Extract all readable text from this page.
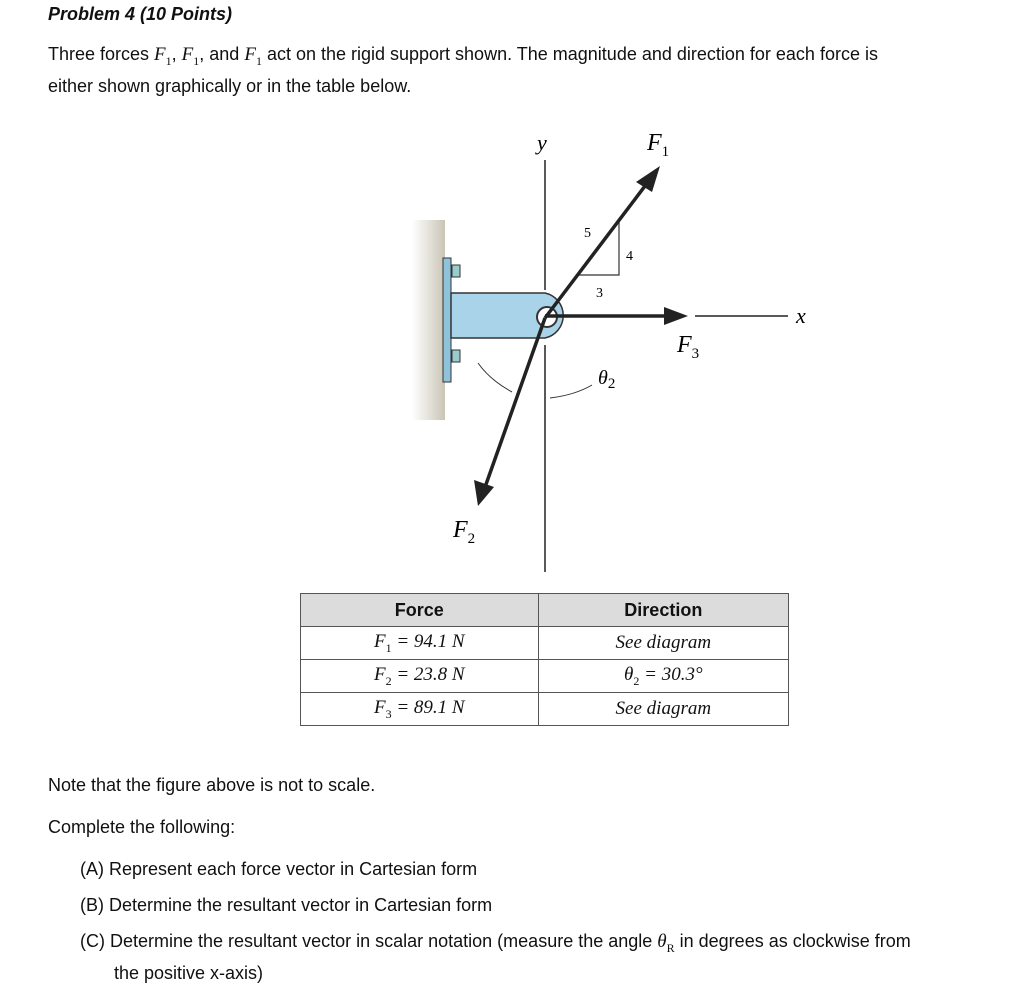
Problem 4 (10 Points)
Three forces $F_1$, $F_1$, and $F_1$ act on the rigid support shown. The magnitude and direction for each force is
either shown graphically or in the table below.
y
x
$F_1$
$F_3$
$F_2$
$\theta_2$
5
4
3
Force	Direction
$F_1 = 94.1$ N	See diagram
$F_2 = 23.8$ N	$\theta_2 = 30.3^\circ$
$F_3 = 89.1$ N	See diagram
Note that the figure above is not to scale.
Complete the following:
(A) Represent each force vector in Cartesian form
(B) Determine the resultant vector in Cartesian form
(C) Determine the resultant vector in scalar notation (measure the angle $\theta_R$ in degrees as clockwise from
the positive x-axis)
